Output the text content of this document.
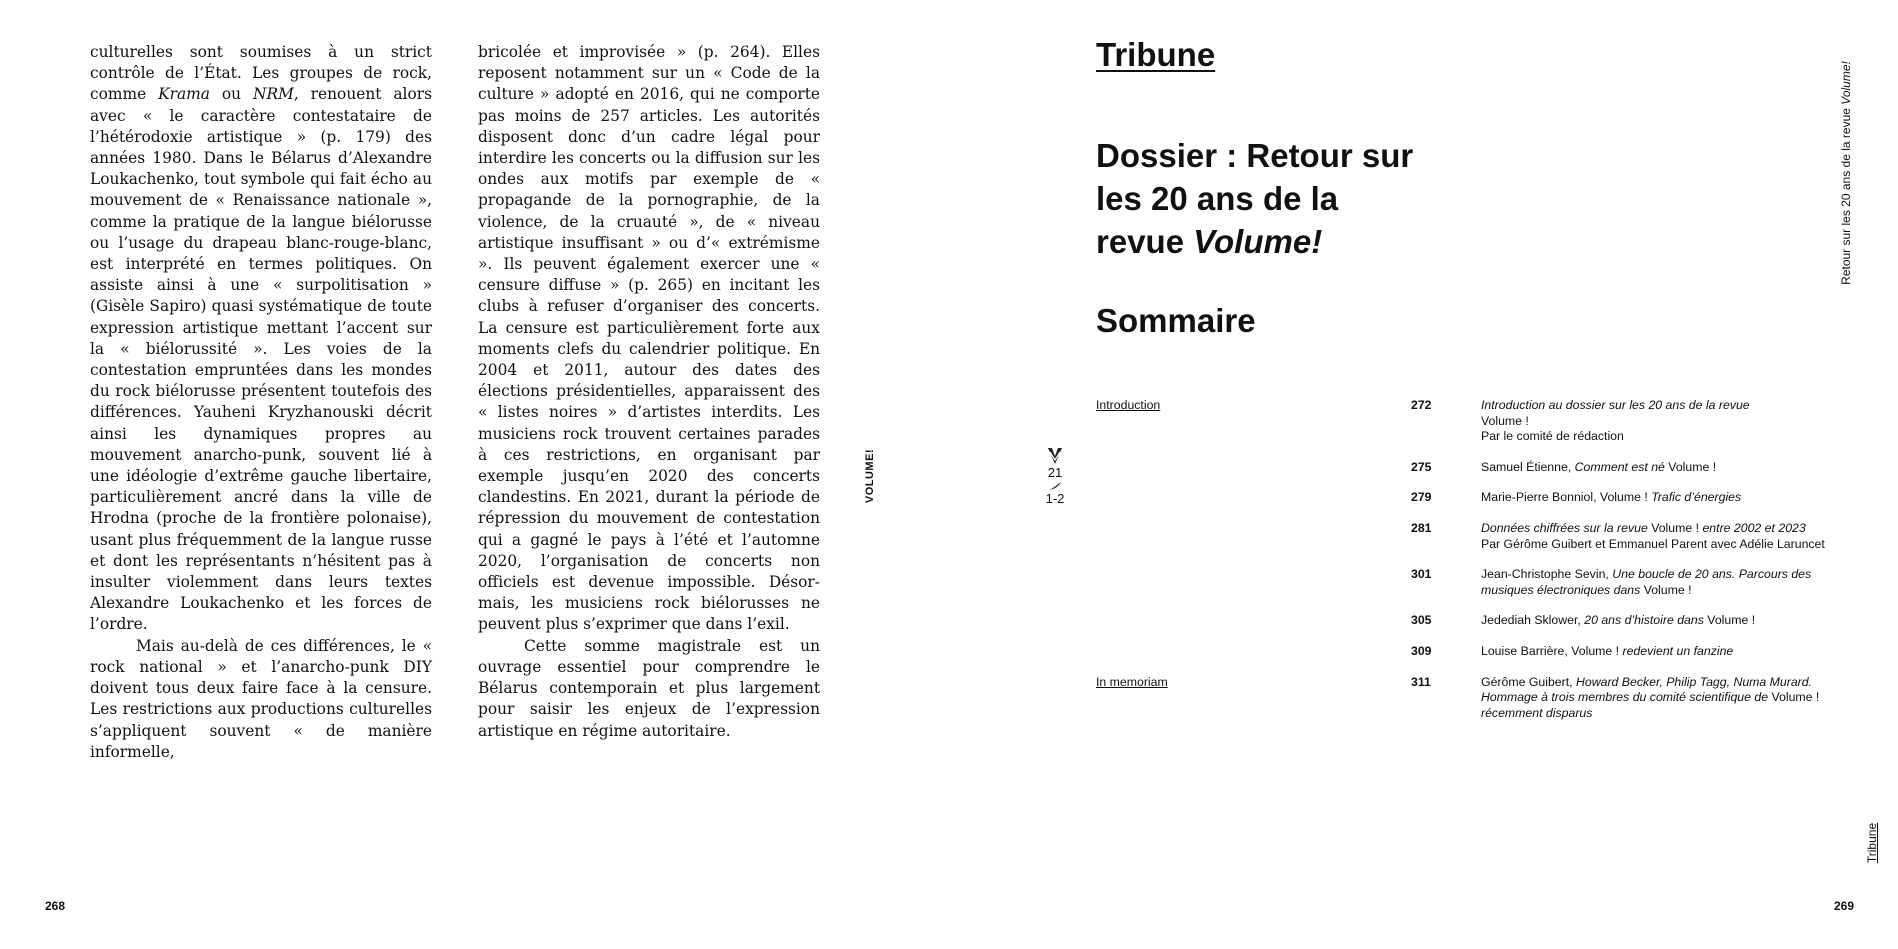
culturelles sont soumises à un strict contrôle de l’État. Les groupes de rock, comme Krama ou NRM, renouent alors avec « le caractère contestataire de l’hétérodoxie artistique » (p. 179) des années 1980. Dans le Bélarus d’Alexandre Loukachenko, tout symbole qui fait écho au mouvement de « Renaissance nationale », comme la pratique de la langue biélorusse ou l’usage du drapeau blanc-rouge-blanc, est interprété en termes politiques. On assiste ainsi à une « surpolitisation » (Gisèle Sapiro) quasi systématique de toute expression artistique mettant l’accent sur la « biélorussité ». Les voies de la contestation empruntées dans les mondes du rock biélorusse présentent toutefois des différences. Yauheni Kryzhanouski décrit ainsi les dynamiques propres au mouvement anarcho-punk, souvent lié à une idéologie d’extrême gauche libertaire, particulièrement ancré dans la ville de Hrodna (proche de la frontière polonaise), usant plus fréquemment de la langue russe et dont les représentants n’hésitent pas à insulter violemment dans leurs textes Alexandre Loukachenko et les forces de l’ordre.

Mais au-delà de ces différences, le « rock national » et l’anarcho-punk DIY doivent tous deux faire face à la censure. Les restrictions aux productions culturelles s’appliquent souvent « de manière informelle,

bricolée et improvisée » (p. 264). Elles reposent notamment sur un « Code de la culture » adopté en 2016, qui ne comporte pas moins de 257 articles. Les autorités disposent donc d’un cadre légal pour interdire les concerts ou la diffusion sur les ondes aux motifs par exemple de « propagande de la pornographie, de la violence, de la cruauté », de « niveau artistique insuffisant » ou d’« extrémisme ». Ils peuvent également exercer une « censure diffuse » (p. 265) en incitant les clubs à refuser d’organiser des concerts. La censure est particulièrement forte aux moments clefs du calendrier politique. En 2004 et 2011, autour des dates des élections présidentielles, apparaissent des « listes noires » d’artistes interdits. Les musiciens rock trouvent certaines parades à ces restrictions, en organisant par exemple jusqu’en 2020 des concerts clandestins. En 2021, durant la période de répression du mouvement de contestation qui a gagné le pays à l’été et l’automne 2020, l’organisation de concerts non officiels est devenue impossible. Désormais, les musiciens rock biélorusses ne peuvent plus s’exprimer que dans l’exil.

Cette somme magistrale est un ouvrage essentiel pour comprendre le Bélarus contemporain et plus largement pour saisir les enjeux de l’expression artistique en régime autoritaire.

268
VOLUME!	21
1-2
Tribune
Dossier : Retour sur
les 20 ans de la
revue Volume!
Sommaire
Introduction	272	Introduction au dossier sur les 20 ans de la revue
Volume !
Par le comité de rédaction
275	Samuel Étienne, Comment est né Volume !
279	Marie-Pierre Bonniol, Volume ! Trafic d’énergies
281	Données chiffrées sur la revue Volume ! entre 2002 et 2023
Par Gérôme Guibert et Emmanuel Parent avec Adélie Laruncet
301	Jean-Christophe Sevin, Une boucle de 20 ans. Parcours des musiques électroniques dans Volume !
305	Jedediah Sklower, 20 ans d’histoire dans Volume !
309	Louise Barrière, Volume ! redevient un fanzine
In memoriam	311	Gérôme Guibert, Howard Becker, Philip Tagg, Numa Murard. Hommage à trois membres du comité scientifique de Volume ! récemment disparus
Retour sur les 20 ans de la revue Volume!
Tribune
269
